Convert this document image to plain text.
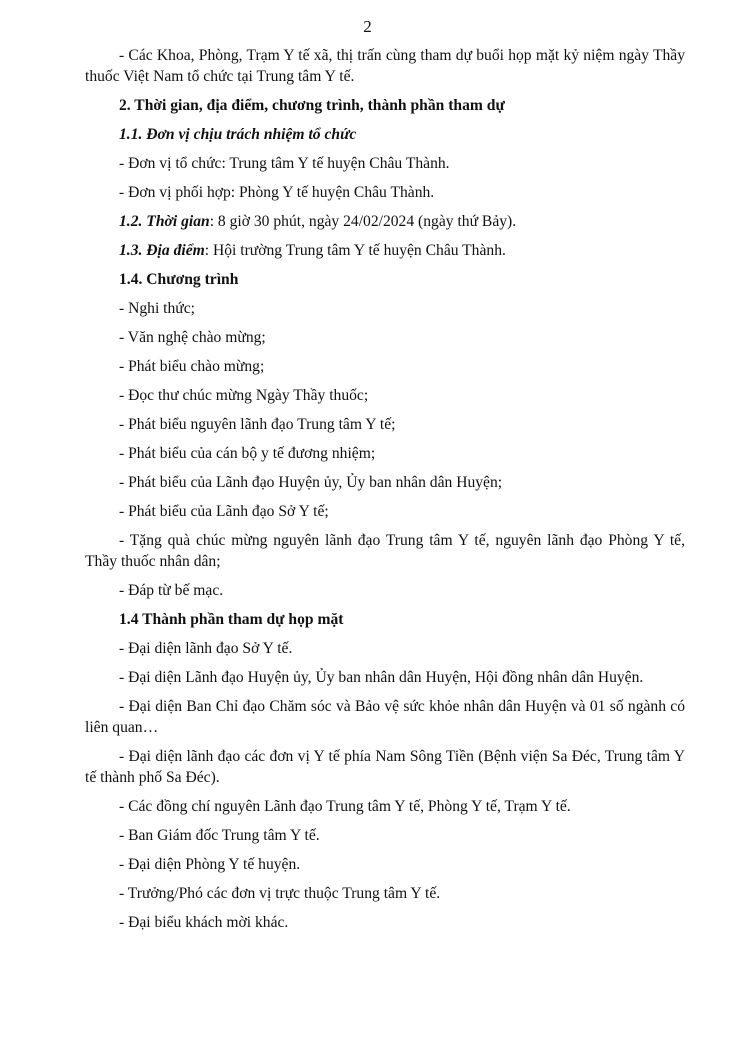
2

- Các Khoa, Phòng, Trạm Y tế xã, thị trấn cùng tham dự buổi họp mặt kỷ niệm ngày Thầy thuốc Việt Nam tổ chức tại Trung tâm Y tế.

2. Thời gian, địa điểm, chương trình, thành phần tham dự

1.1. Đơn vị chịu trách nhiệm tổ chức

- Đơn vị tổ chức: Trung tâm Y tế huyện Châu Thành.

- Đơn vị phối hợp: Phòng Y tế huyện Châu Thành.

1.2. Thời gian: 8 giờ 30 phút, ngày 24/02/2024 (ngày thứ Bảy).

1.3. Địa điểm: Hội trường Trung tâm Y tế huyện Châu Thành.

1.4. Chương trình

- Nghi thức;

- Văn nghệ chào mừng;

- Phát biểu chào mừng;

- Đọc thư chúc mừng Ngày Thầy thuốc;

- Phát biểu nguyên lãnh đạo Trung tâm Y tế;

- Phát biểu của cán bộ y tế đương nhiệm;

- Phát biểu của Lãnh đạo Huyện ủy, Ủy ban nhân dân Huyện;

- Phát biểu của Lãnh đạo Sở Y tế;

- Tặng quà chúc mừng nguyên lãnh đạo Trung tâm Y tế, nguyên lãnh đạo Phòng Y tế, Thầy thuốc nhân dân;

- Đáp từ bế mạc.

1.4 Thành phần tham dự họp mặt

- Đại diện lãnh đạo Sở Y tế.

- Đại diện Lãnh đạo Huyện ủy, Ủy ban nhân dân Huyện, Hội đồng nhân dân Huyện.

- Đại diện Ban Chỉ đạo Chăm sóc và Bảo vệ sức khỏe nhân dân Huyện và 01 số ngành có liên quan…

- Đại diện lãnh đạo các đơn vị Y tế phía Nam Sông Tiền (Bệnh viện Sa Đéc, Trung tâm Y tế thành phố Sa Đéc).

- Các đồng chí nguyên Lãnh đạo Trung tâm Y tế, Phòng Y tế, Trạm Y tế.

- Ban Giám đốc Trung tâm Y tế.

- Đại diện Phòng Y tế huyện.

- Trưởng/Phó các đơn vị trực thuộc Trung tâm Y tế.

- Đại biểu khách mời khác.
